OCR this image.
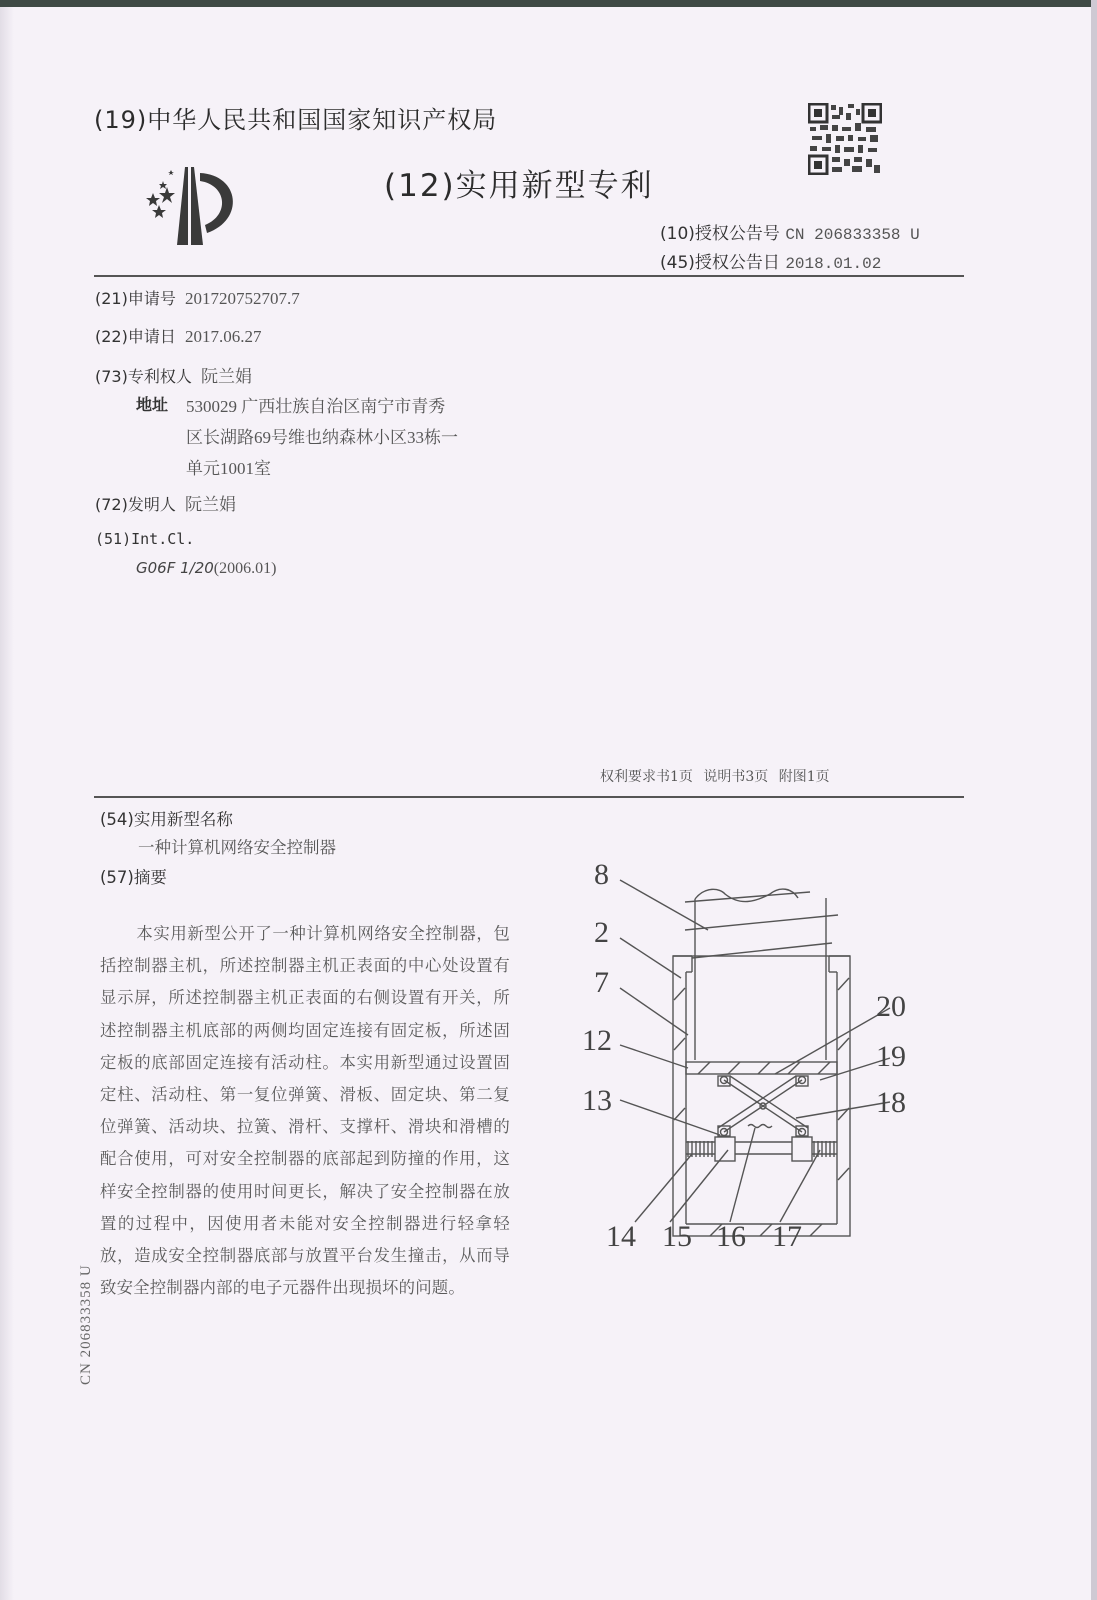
(19)中华人民共和国国家知识产权局
(12)实用新型专利
(10)授权公告号 CN 206833358 U
(45)授权公告日 2018.01.02
(21)申请号 201720752707.7
(22)申请日 2017.06.27
(73)专利权人 阮兰娟
地址 530029 广西壮族自治区南宁市青秀
区长湖路69号维也纳森林小区33栋一
单元1001室
(72)发明人 阮兰娟
(51)Int.Cl.
G06F 1/20(2006.01)
权利要求书1页 说明书3页 附图1页
(54)实用新型名称
一种计算机网络安全控制器
(57)摘要
本实用新型公开了一种计算机网络安全控制器，包括控制器主机，所述控制器主机正表面的中心处设置有显示屏，所述控制器主机正表面的右侧设置有开关，所述控制器主机底部的两侧均固定连接有固定板，所述固定板的底部固定连接有活动柱。本实用新型通过设置固定柱、活动柱、第一复位弹簧、滑板、固定块、第二复位弹簧、活动块、拉簧、滑杆、支撑杆、滑块和滑槽的配合使用，可对安全控制器的底部起到防撞的作用，这样安全控制器的使用时间更长，解决了安全控制器在放置的过程中，因使用者未能对安全控制器进行轻拿轻放，造成安全控制器底部与放置平台发生撞击，从而导致安全控制器内部的电子元器件出现损坏的问题。
CN 206833358 U
8
2
7
12
13
20
19
18
14 15 16 17
